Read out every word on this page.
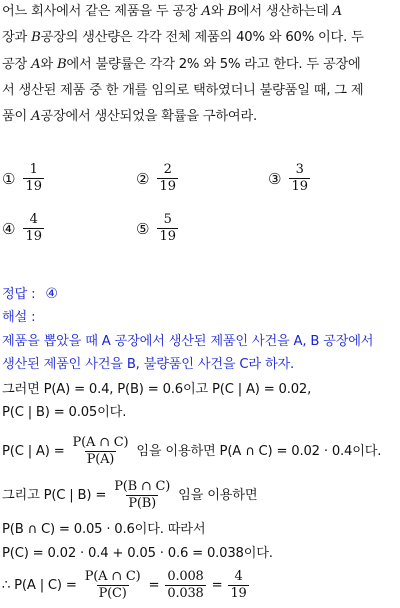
어느 회사에서 같은 제품을 두 공장 A와 B에서 생산하는데 A
장과 B공장의 생산량은 각각 전체 제품의 40% 와 60% 이다. 두
공장 A와 B에서 불량률은 각각 2% 와 5% 라고 한다. 두 공장에
서 생산된 제품 중 한 개를 임의로 택하였더니 불량품일 때, 그 제
품이 A공장에서 생산되었을 확률을 구하여라.
① $\frac{1}{19}$	② $\frac{2}{19}$	③ $\frac{3}{19}$
④ $\frac{4}{19}$	⑤ $\frac{5}{19}$
정답 : ④
해설 :
제품을 뽑았을 때 A 공장에서 생산된 제품인 사건을 A, B 공장에서
생산된 제품인 사건을 B, 불량품인 사건을 C라 하자.
그러면 P(A) = 0.4, P(B) = 0.6이고 P(C | A) = 0.02,
P(C | B) = 0.05이다.
P(C | $A) = \frac{P(A \cap C)}{P(A)}$ 임을 이용하면 P(A ∩ C) = 0.02 · 0.4이다.
그리고 P(C | $B) = \frac{P(B \cap C)}{P(B)}$ 임을 이용하면
P(B ∩ C) = 0.05 · 0.6이다. 따라서
P(C) = 0.02 · 0.4 + 0.05 · 0.6 = 0.038이다.
∴ P(A | $C) = \frac{P(A \cap C)}{P(C)} = \frac{0.008}{0.038} = \frac{4}{19}$
